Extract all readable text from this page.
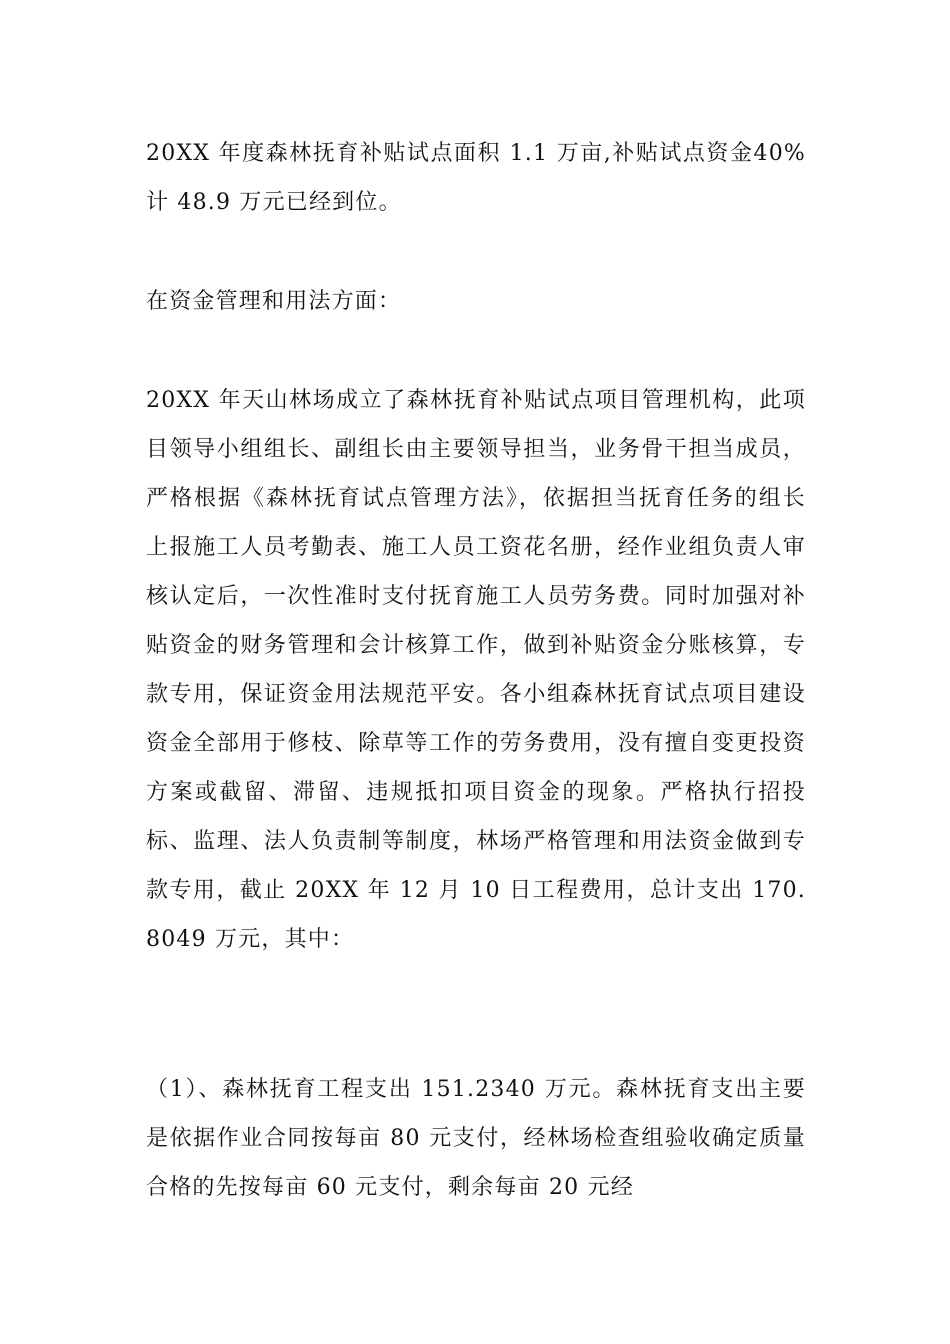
20XX 年度森林抚育补贴试点面积 1.1 万亩,补贴试点资金40%计 48.9 万元已经到位。

在资金管理和用法方面：

20XX 年天山林场成立了森林抚育补贴试点项目管理机构，此项目领导小组组长、副组长由主要领导担当，业务骨干担当成员，严格根据《森林抚育试点管理方法》，依据担当抚育任务的组长上报施工人员考勤表、施工人员工资花名册，经作业组负责人审核认定后，一次性准时支付抚育施工人员劳务费。同时加强对补贴资金的财务管理和会计核算工作，做到补贴资金分账核算，专款专用，保证资金用法规范平安。各小组森林抚育试点项目建设资金全部用于修枝、除草等工作的劳务费用，没有擅自变更投资方案或截留、滞留、违规抵扣项目资金的现象。严格执行招投标、监理、法人负责制等制度，林场严格管理和用法资金做到专款专用，截止 20XX 年 12 月 10 日工程费用，总计支出 170.8049 万元，其中：

（1）、森林抚育工程支出 151.2340 万元。森林抚育支出主要是依据作业合同按每亩 80 元支付，经林场检查组验收确定质量合格的先按每亩 60 元支付，剩余每亩 20 元经
